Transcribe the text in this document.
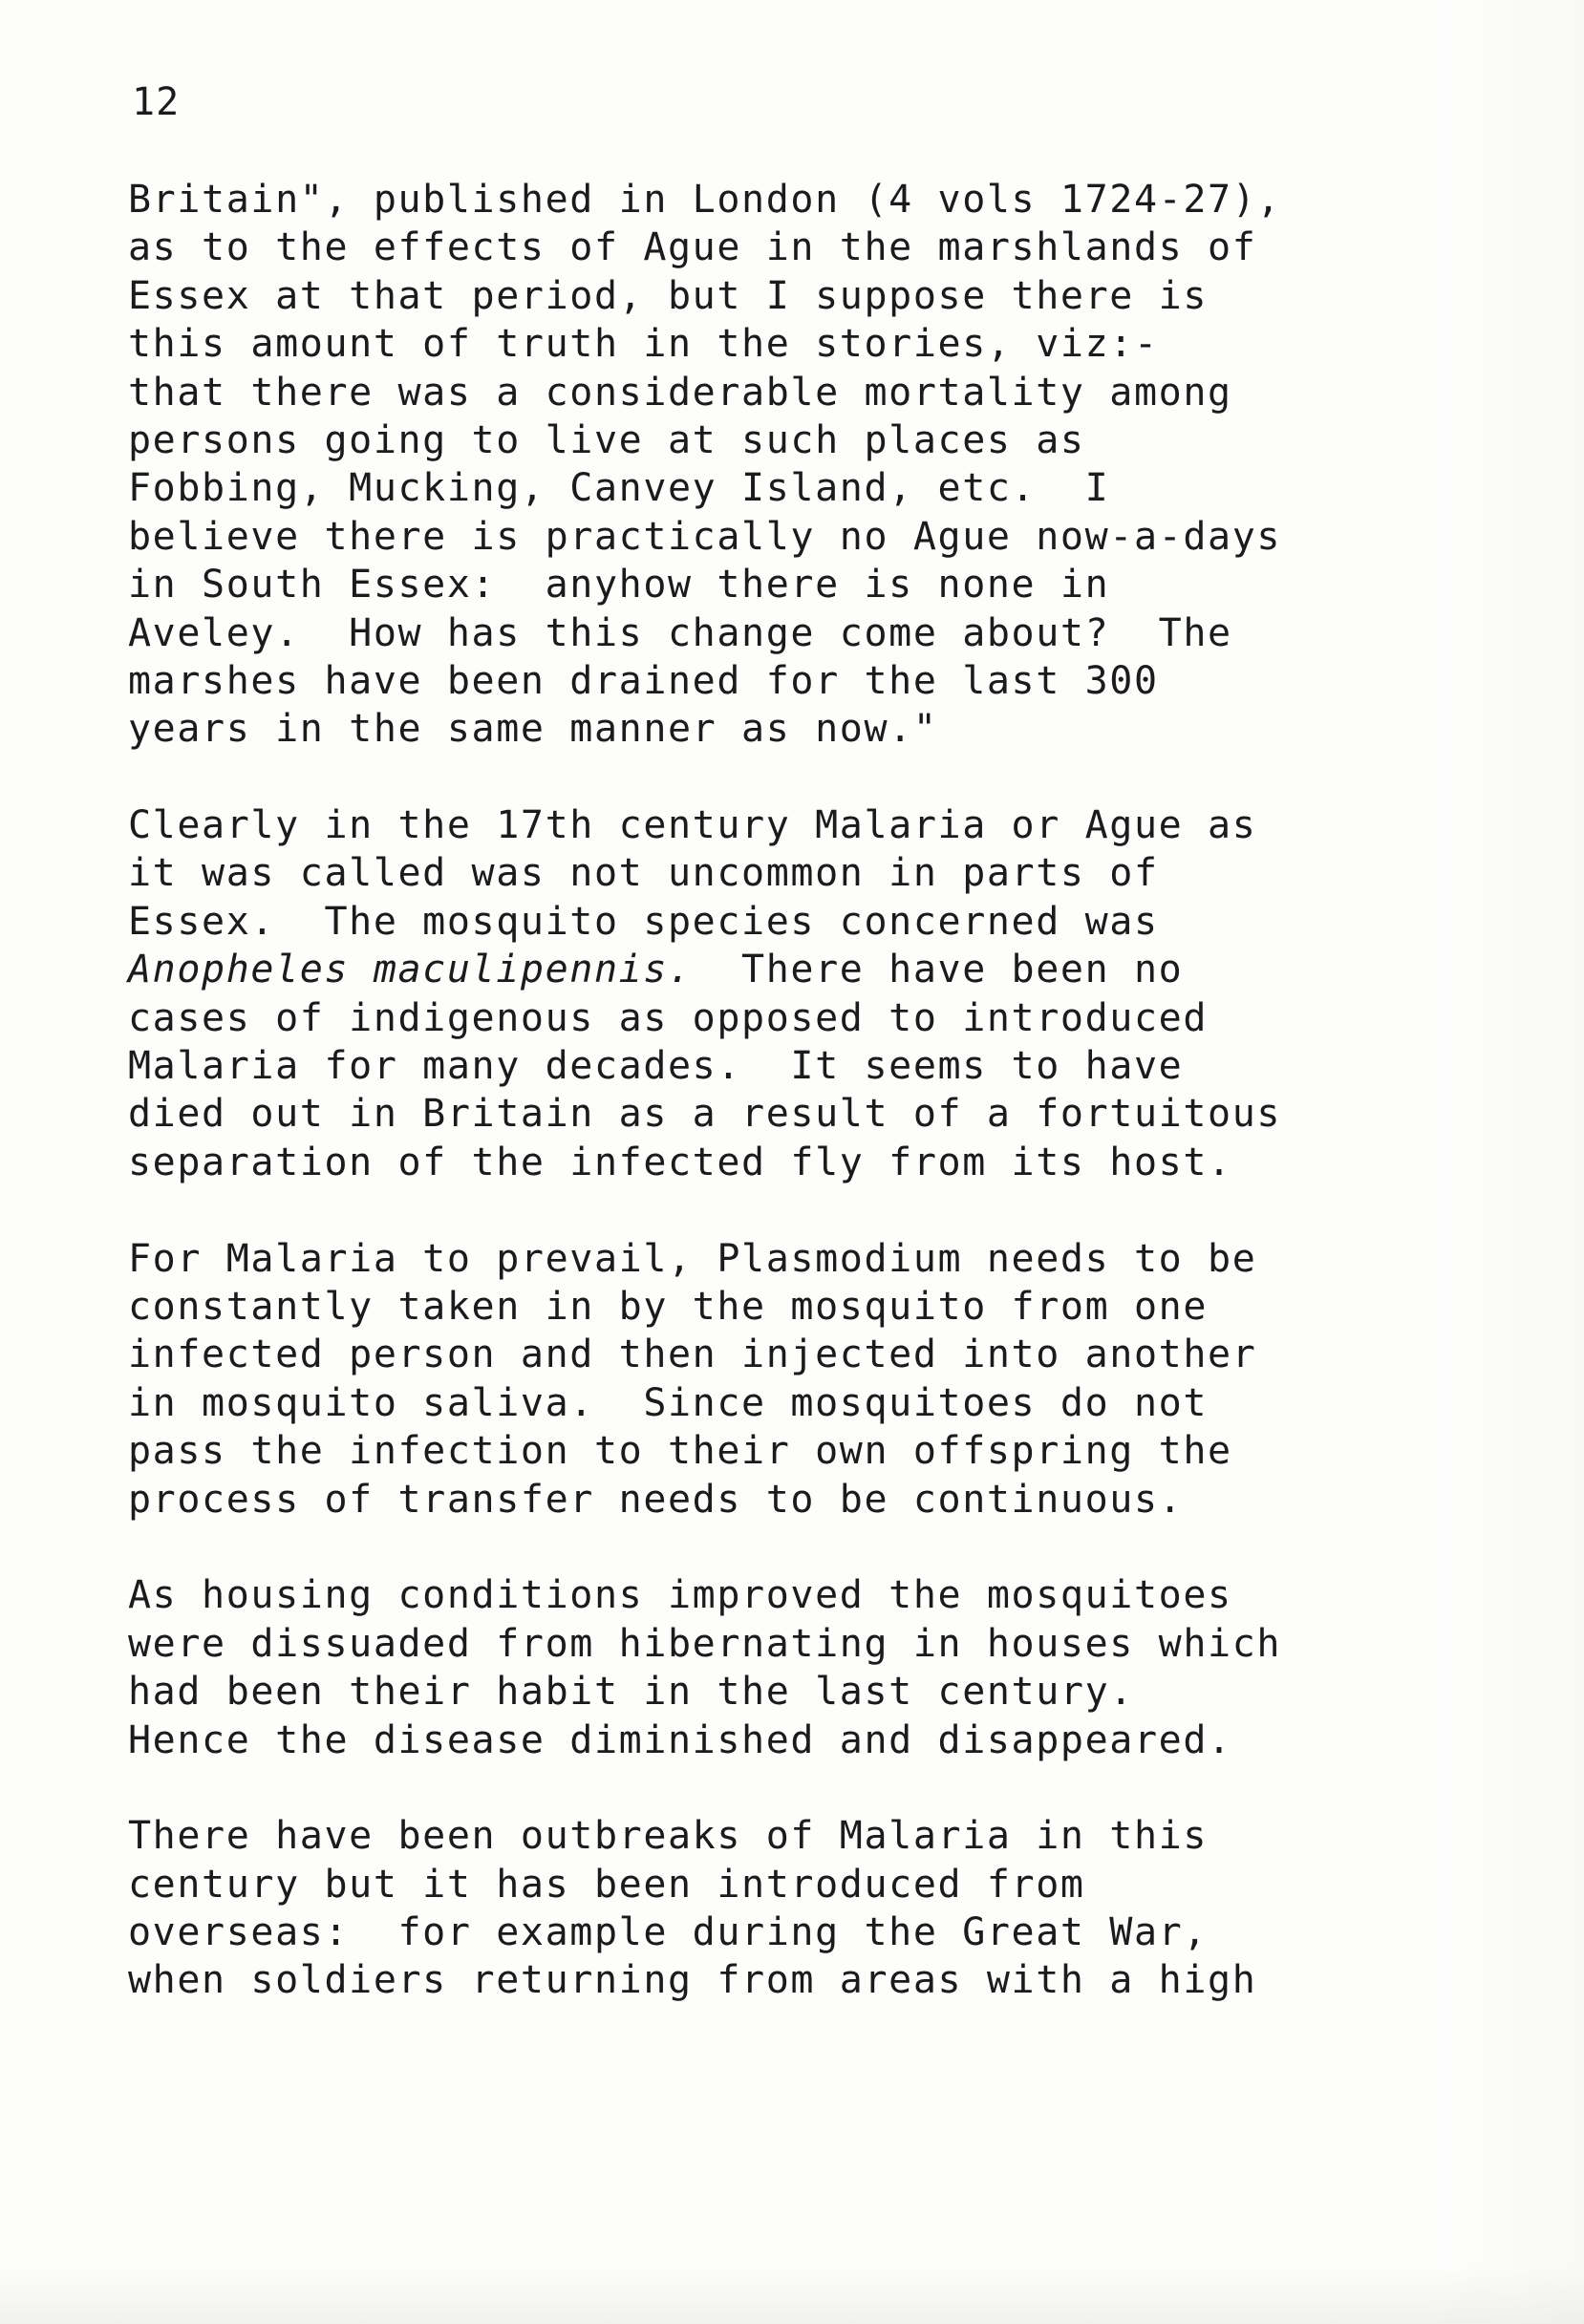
12
Britain", published in London (4 vols 1724-27),
as to the effects of Ague in the marshlands of
Essex at that period, but I suppose there is
this amount of truth in the stories, viz:-
that there was a considerable mortality among
persons going to live at such places as
Fobbing, Mucking, Canvey Island, etc.  I
believe there is practically no Ague now-a-days
in South Essex:  anyhow there is none in
Aveley.  How has this change come about?  The
marshes have been drained for the last 300
years in the same manner as now."
Clearly in the 17th century Malaria or Ague as
it was called was not uncommon in parts of
Essex.  The mosquito species concerned was
Anopheles maculipennis.  There have been no
cases of indigenous as opposed to introduced
Malaria for many decades.  It seems to have
died out in Britain as a result of a fortuitous
separation of the infected fly from its host.
For Malaria to prevail, Plasmodium needs to be
constantly taken in by the mosquito from one
infected person and then injected into another
in mosquito saliva.  Since mosquitoes do not
pass the infection to their own offspring the
process of transfer needs to be continuous.
As housing conditions improved the mosquitoes
were dissuaded from hibernating in houses which
had been their habit in the last century.
Hence the disease diminished and disappeared.
There have been outbreaks of Malaria in this
century but it has been introduced from
overseas:  for example during the Great War,
when soldiers returning from areas with a high
